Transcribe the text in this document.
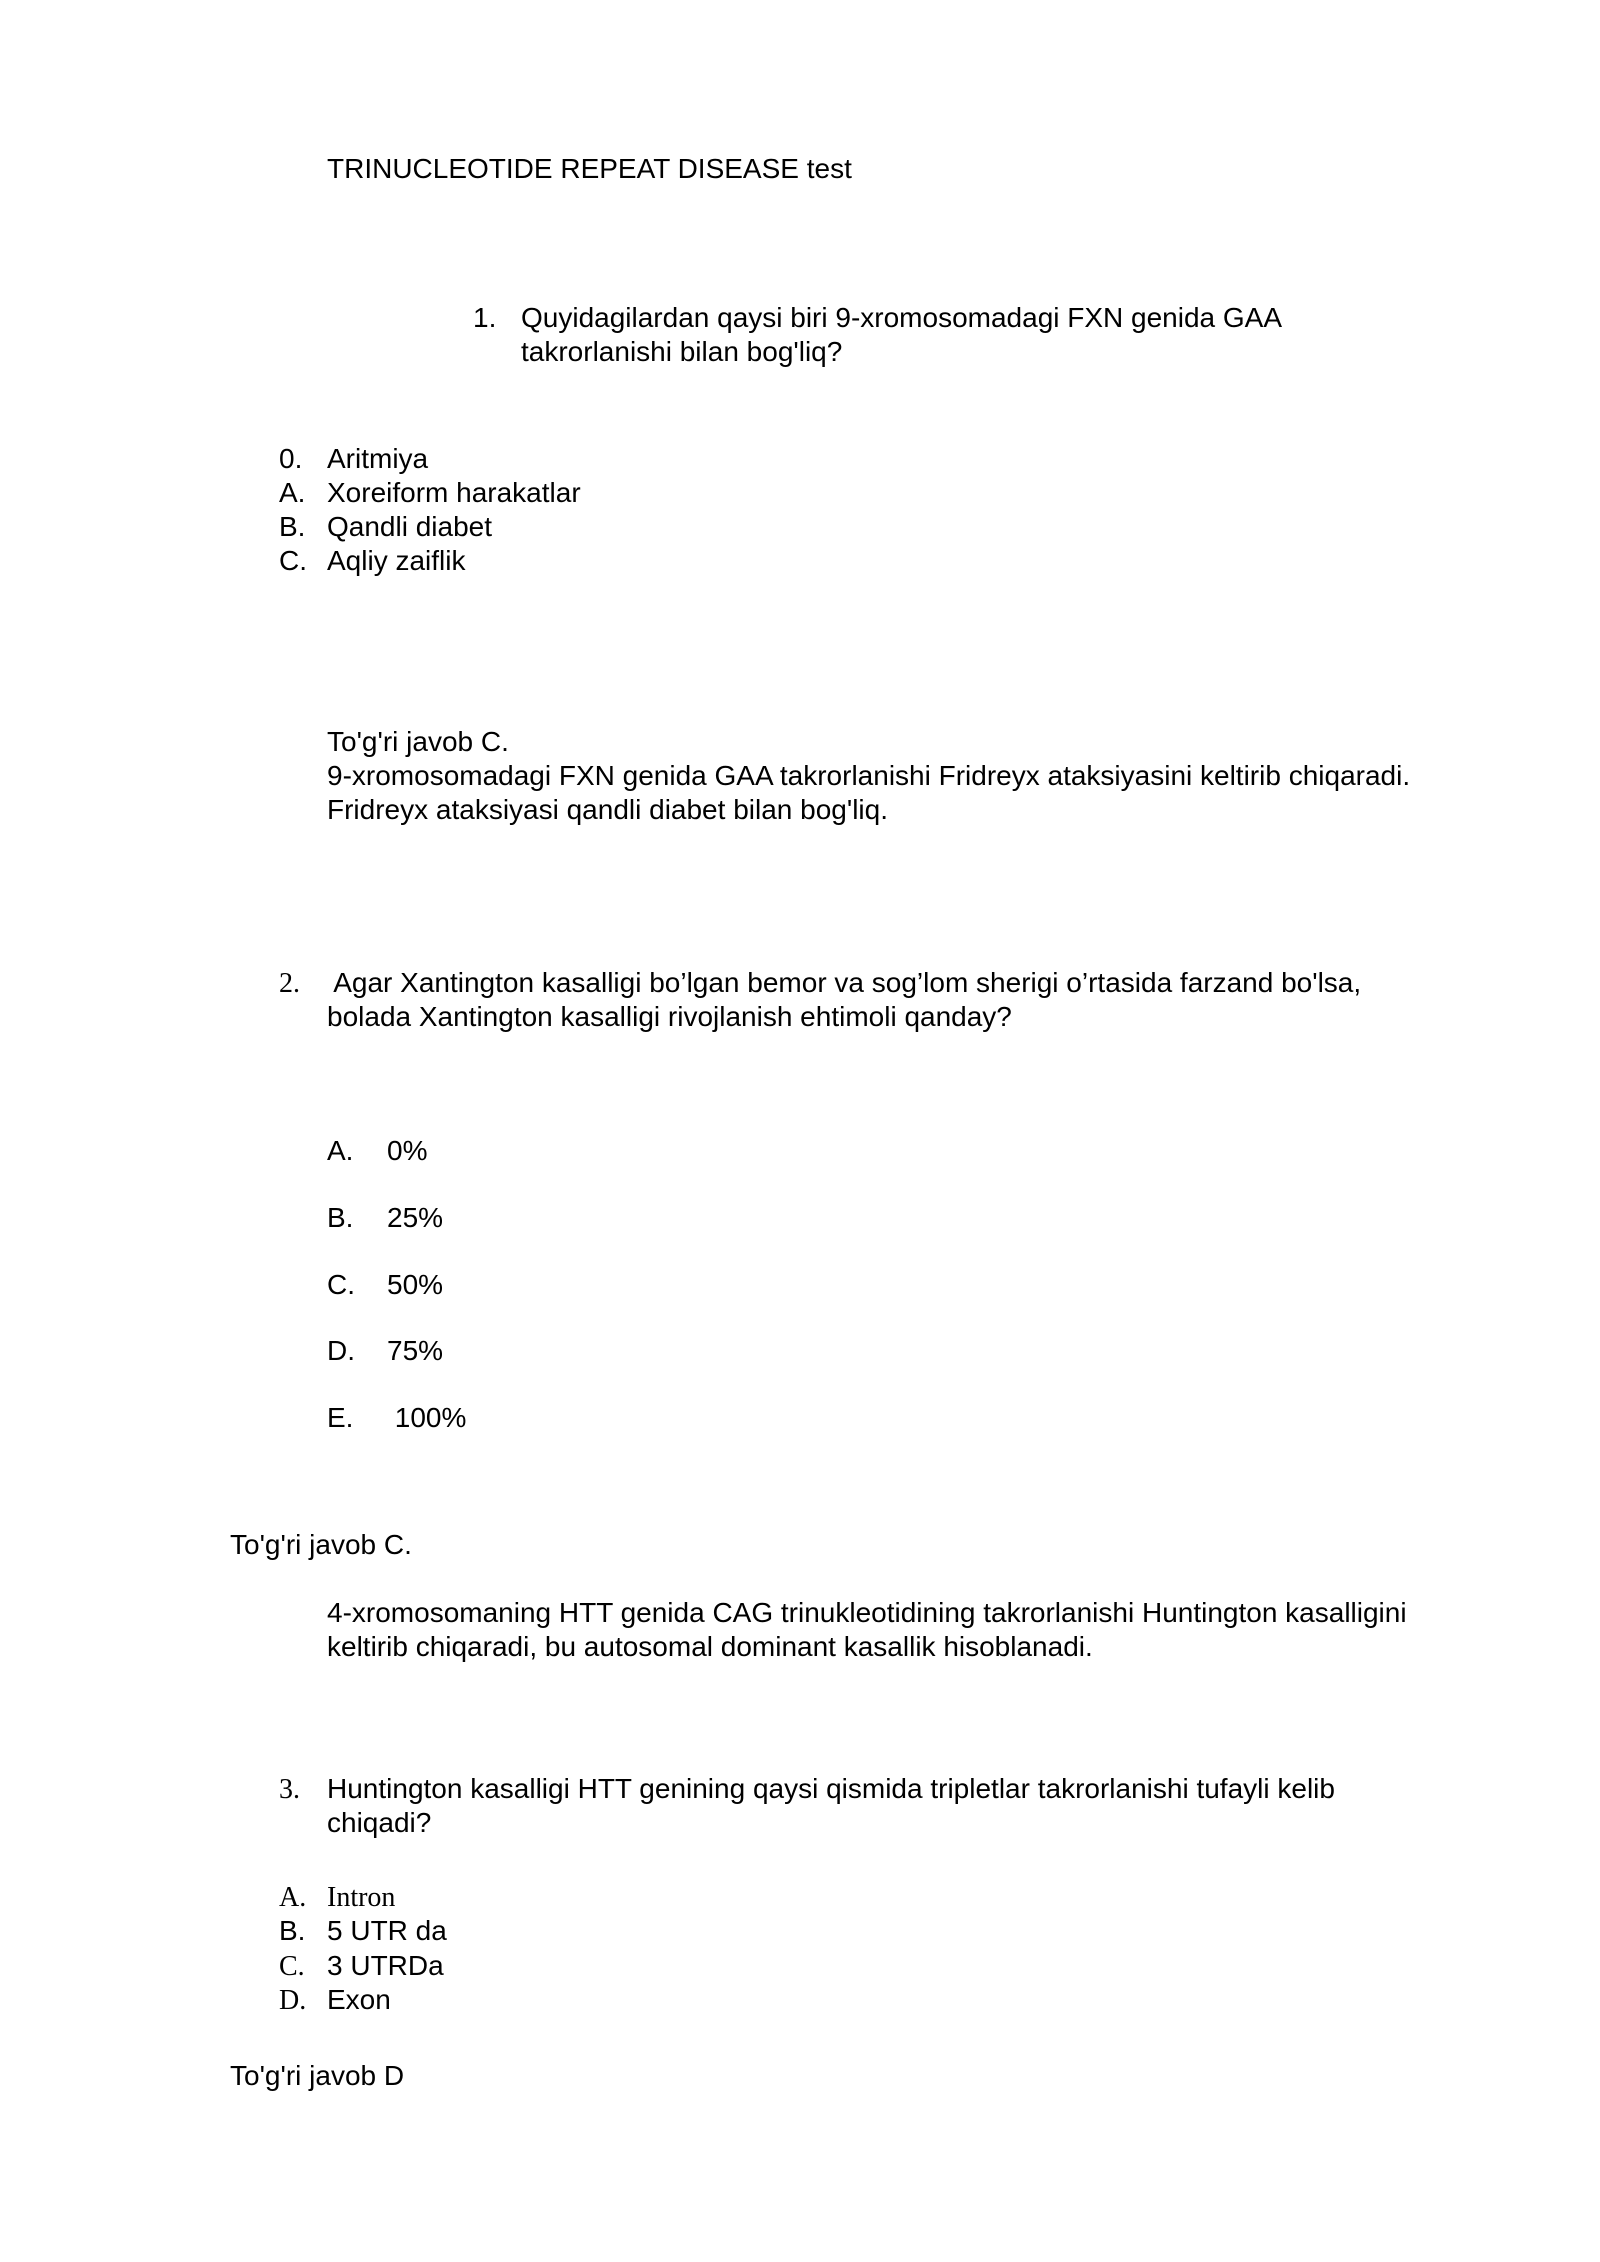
TRINUCLEOTIDE REPEAT DISEASE test
1. Quyidagilardan qaysi biri 9-xromosomadagi FXN genida GAA
takrorlanishi bilan bog'liq?
0. Aritmiya
A. Xoreiform harakatlar
B. Qandli diabet
C. Aqliy zaiflik
To'g'ri javob C.
9-xromosomadagi FXN genida GAA takrorlanishi Fridreyx ataksiyasini keltirib chiqaradi.
Fridreyx ataksiyasi qandli diabet bilan bog'liq.
2. Agar Xantington kasalligi bo’lgan bemor va sog’lom sherigi o’rtasida farzand bo'lsa,
bolada Xantington kasalligi rivojlanish ehtimoli qanday?
A. 0%
B. 25%
C. 50%
D. 75%
E. 100%
To'g'ri javob C.
4-xromosomaning HTT genida CAG trinukleotidining takrorlanishi Huntington kasalligini
keltirib chiqaradi, bu autosomal dominant kasallik hisoblanadi.
3. Huntington kasalligi HTT genining qaysi qismida tripletlar takrorlanishi tufayli kelib
chiqadi?
A. Intron
B. 5 UTR da
C. 3 UTRDa
D. Exon
To'g'ri javob D
